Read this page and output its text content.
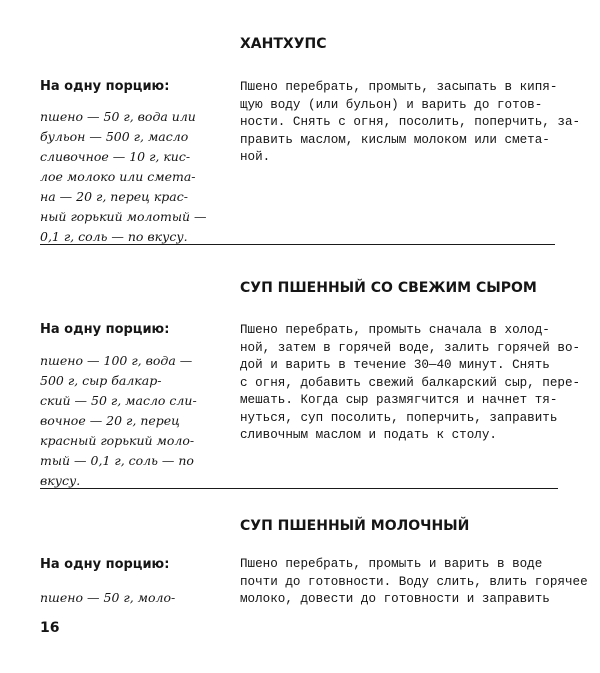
ХАНТХУПС

На одну порцию:

пшено — 50 г, вода или
бульон — 500 г, масло
сливочное — 10 г, кис-
лое молоко или смета-
на — 20 г, перец крас-
ный горький молотый —
0,1 г, соль — по вкусу.
Пшено перебрать, промыть, засыпать в кипя-
щую воду (или бульон) и варить до готов-
ности. Снять с огня, посолить, поперчить, за-
править маслом, кислым молоком или смета-
ной.
СУП ПШЕННЫЙ СО СВЕЖИМ СЫРОМ

На одну порцию:

пшено — 100 г, вода —
500 г, сыр балкар-
ский — 50 г, масло сли-
вочное — 20 г, перец
красный горький моло-
тый — 0,1 г, соль — по
вкусу.
Пшено перебрать, промыть сначала в холод-
ной, затем в горячей воде, залить горячей во-
дой и варить в течение 30—40 минут. Снять
с огня, добавить свежий балкарский сыр, пере-
мешать. Когда сыр размягчится и начнет тя-
нуться, суп посолить, поперчить, заправить
сливочным маслом и подать к столу.
СУП ПШЕННЫЙ МОЛОЧНЫЙ

На одну порцию:

пшено — 50 г, моло-
Пшено перебрать, промыть и варить в воде
почти до готовности. Воду слить, влить горячее
молоко, довести до готовности и заправить

16
